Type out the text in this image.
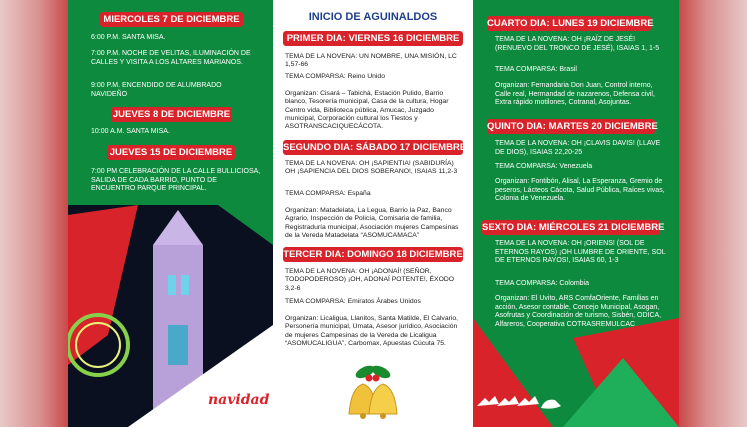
MIERCOLES 7 DE DICIEMBRE
6:00 P.M. SANTA MISA.
7:00 P.M. NOCHE DE VELITAS, ILUMINACIÓN DE CALLES Y VISITA A LOS ALTARES MARIANOS.
9:00 P.M. ENCENDIDO DE ALUMBRADO NAVIDEÑO
JUEVES 8 DE DICIEMBRE
10:00 A.M. SANTA MISA.
JUEVES 15 DE DICIEMBRE
7:00 PM CELEBRACIÓN DE LA CALLE BULLICIOSA, SALIDA DE CADA BARRIO, PUNTO DE ENCUENTRO PARQUE PRINCIPAL.
Feliz
navidad
INICIO DE AGUINALDOS
PRIMER DIA: VIERNES 16 DICIEMBRE
TEMA DE LA NOVENA: UN NOMBRE, UNA MISIÓN, LC 1,57-66
TEMA COMPARSA: Reino Unido
Organizan: Cisará – Tabichá, Estación Pulido, Barrio blanco, Tesorería municipal, Casa de la cultura, Hogar Centro vida, Biblioteca pública, Amucac, Juzgado municipal, Corporación cultural los Tiestos y ASOTRANSCACIQUECÁCOTA.
SEGUNDO DIA: SÁBADO 17 DICIEMBRE
TEMA DE LA NOVENA: OH ¡SAPIENTIA! (SABIDURÍA) OH ¡SAPIENCIA DEL DIOS SOBERANO!, ISAIAS 11,2-3
TEMA COMPARSA: España
Organizan: Matadelata, La Legua, Barrio la Paz, Banco Agrario, Inspección de Policía, Comisaria de familia, Registraduría municipal, Asociación mujeres Campesinas de la Vereda Matadelata “ASOMUCAMACA”
TERCER DIA: DOMINGO 18 DICIEMBRE
TEMA DE LA NOVENA: OH ¡ADONAÍ! (SEÑOR, TODOPODEROSO) ¡OH, ADONAÍ POTENTE!, ÉXODO 3,2-6
TEMA COMPARSA: Emiratos Árabes Unidos
Organizan: Licaligua, Llanitos, Santa Matilde, El Calvario, Personería municipal, Umata, Asesor jurídico, Asociación de mujeres Campesinas de la Vereda de Licaligua “ASOMUCALIGUA”, Carbomax, Apuestas Cúcuta 75.
CUARTO DIA: LUNES 19 DICIEMBRE
TEMA DE LA NOVENA: OH ¡RAÍZ DE JESÉ! (RENUEVO DEL TRONCO DE JESÉ), ISAIAS 1, 1-5
TEMA COMPARSA: Brasil
Organizan: Fernandaria Don Juan, Control interno, Calle real, Hermandad de nazarenos, Defensa civil, Extra rápido motilones, Cotranal, Asojuntas.
QUINTO DIA: MARTES 20 DICIEMBRE
TEMA DE LA NOVENA: OH ¡CLAVIS DAVIS! (LLAVE DE DIOS), ISAIAS 22,20-25
TEMA COMPARSA: Venezuela
Organizan: Fontibón, Alisal, La Esperanza, Gremio de peseros, Lácteos Cácota, Salud Pública, Raíces vivas, Colonia de Venezuela.
SEXTO DIA: MIÉRCOLES 21 DICIEMBRE
TEMA DE LA NOVENA: OH ¡ORIENS! (SOL DE ETERNOS RAYOS) ¡OH LUMBRE DE ORIENTE, SOL DE ETERNOS RAYOS!, ISAIAS 60, 1-3
TEMA COMPARSA: Colombia
Organizan: El Uvito, ARS ComfaOriente, Familias en acción, Asesor contable, Concejo Municipal, Asogan, Asofrutas y Coordinación de turismo, Sisbén, ODICA, Alfareros, Cooperativa COTRASREMULCAC
